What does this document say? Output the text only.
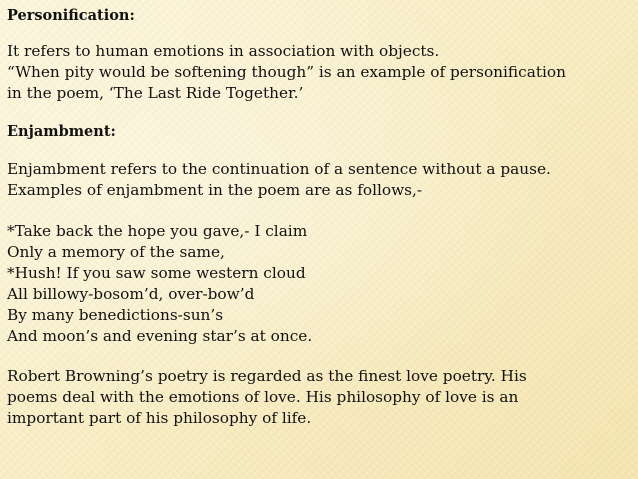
Personification:

It refers to human emotions in association with objects.

“When pity would be softening though” is an example of personification

in the poem, ‘The Last Ride Together.’

Enjambment:

Enjambment refers to the continuation of a sentence without a pause.

Examples of enjambment in the poem are as follows,-

*Take back the hope you gave,- I claim

Only a memory of the same,

*Hush! If you saw some western cloud

All billowy-bosom’d, over-bow’d

By many benedictions-sun’s

And moon’s and evening star’s at once.

Robert Browning’s poetry is regarded as the finest love poetry. His

poems deal with the emotions of love. His philosophy of love is an

important part of his philosophy of life.
